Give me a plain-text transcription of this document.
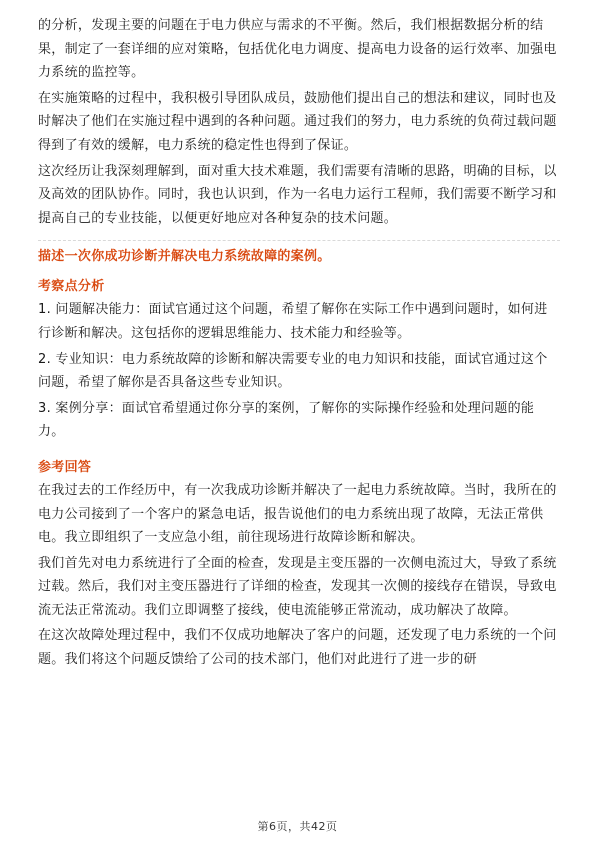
的分析，发现主要的问题在于电力供应与需求的不平衡。然后，我们根据数据分析的结果，制定了一套详细的应对策略，包括优化电力调度、提高电力设备的运行效率、加强电力系统的监控等。

在实施策略的过程中，我积极引导团队成员，鼓励他们提出自己的想法和建议，同时也及时解决了他们在实施过程中遇到的各种问题。通过我们的努力，电力系统的负荷过载问题得到了有效的缓解，电力系统的稳定性也得到了保证。

这次经历让我深刻理解到，面对重大技术难题，我们需要有清晰的思路，明确的目标，以及高效的团队协作。同时，我也认识到，作为一名电力运行工程师，我们需要不断学习和提高自己的专业技能，以便更好地应对各种复杂的技术问题。

描述一次你成功诊断并解决电力系统故障的案例。

考察点分析

1. 问题解决能力：面试官通过这个问题，希望了解你在实际工作中遇到问题时，如何进行诊断和解决。这包括你的逻辑思维能力、技术能力和经验等。

2. 专业知识：电力系统故障的诊断和解决需要专业的电力知识和技能，面试官通过这个问题，希望了解你是否具备这些专业知识。

3. 案例分享：面试官希望通过你分享的案例，了解你的实际操作经验和处理问题的能力。

参考回答

在我过去的工作经历中，有一次我成功诊断并解决了一起电力系统故障。当时，我所在的电力公司接到了一个客户的紧急电话，报告说他们的电力系统出现了故障，无法正常供电。我立即组织了一支应急小组，前往现场进行故障诊断和解决。

我们首先对电力系统进行了全面的检查，发现是主变压器的一次侧电流过大，导致了系统过载。然后，我们对主变压器进行了详细的检查，发现其一次侧的接线存在错误，导致电流无法正常流动。我们立即调整了接线，使电流能够正常流动，成功解决了故障。

在这次故障处理过程中，我们不仅成功地解决了客户的问题，还发现了电力系统的一个问题。我们将这个问题反馈给了公司的技术部门，他们对此进行了进一步的研

第6页，共42页
